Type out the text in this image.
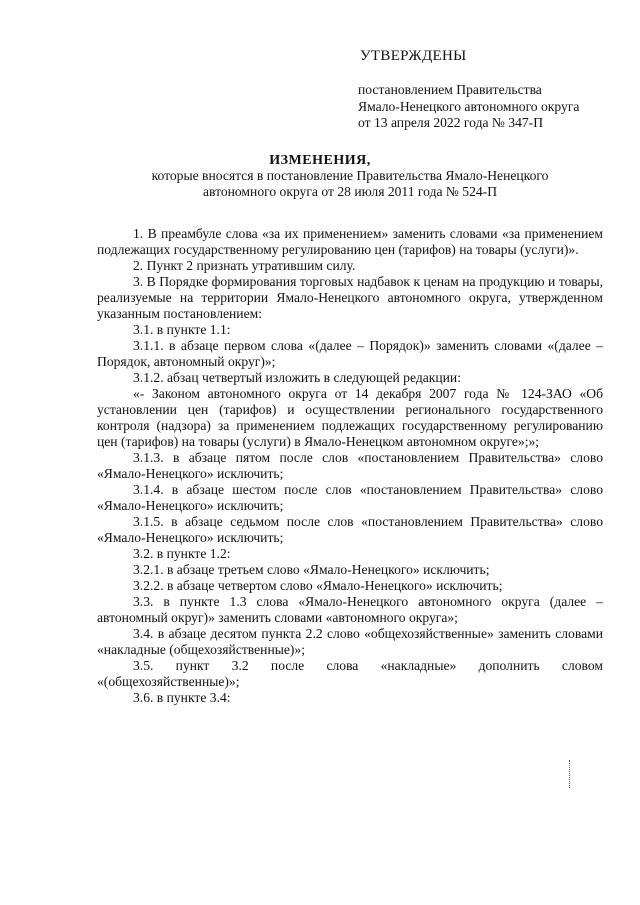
УТВЕРЖДЕНЫ
постановлением Правительства
Ямало-Ненецкого автономного округа
от 13 апреля 2022 года № 347-П
ИЗМЕНЕНИЯ,
которые вносятся в постановление Правительства Ямало-Ненецкого
автономного округа от 28 июля 2011 года № 524-П

1. В преамбуле слова «за их применением» заменить словами «за применением подлежащих государственному регулированию цен (тарифов) на товары (услуги)».

2. Пункт 2 признать утратившим силу.

3. В Порядке формирования торговых надбавок к ценам на продукцию и товары, реализуемые на территории Ямало-Ненецкого автономного округа, утвержденном указанным постановлением:

3.1. в пункте 1.1:

3.1.1. в абзаце первом слова «(далее – Порядок)» заменить словами «(далее – Порядок, автономный округ)»;

3.1.2. абзац четвертый изложить в следующей редакции:

«- Законом автономного округа от 14 декабря 2007 года № 124-ЗАО «Об установлении цен (тарифов) и осуществлении регионального государственного контроля (надзора) за применением подлежащих государственному регулированию цен (тарифов) на товары (услуги) в Ямало-Ненецком автономном округе»;»;

3.1.3. в абзаце пятом после слов «постановлением Правительства» слово «Ямало-Ненецкого» исключить;

3.1.4. в абзаце шестом после слов «постановлением Правительства» слово «Ямало-Ненецкого» исключить;

3.1.5. в абзаце седьмом после слов «постановлением Правительства» слово «Ямало-Ненецкого» исключить;

3.2. в пункте 1.2:

3.2.1. в абзаце третьем слово «Ямало-Ненецкого» исключить;

3.2.2. в абзаце четвертом слово «Ямало-Ненецкого» исключить;

3.3. в пункте 1.3 слова «Ямало-Ненецкого автономного округа (далее – автономный округ)» заменить словами «автономного округа»;

3.4. в абзаце десятом пункта 2.2 слово «общехозяйственные» заменить словами «накладные (общехозяйственные)»;

3.5. пункт 3.2 после слова «накладные» дополнить словом «(общехозяйственные)»;

3.6. в пункте 3.4:
